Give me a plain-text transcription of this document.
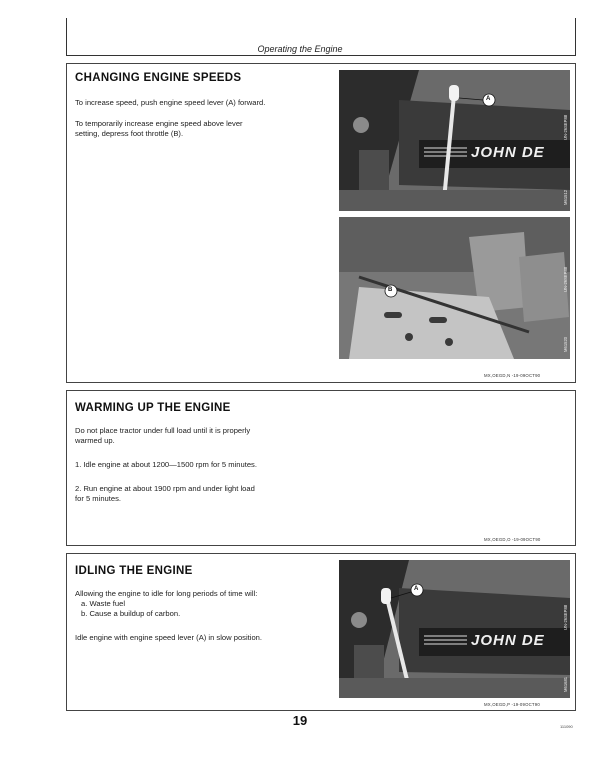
Operating the Engine
CHANGING ENGINE SPEEDS
To increase speed, push engine speed lever (A) forward.
To temporarily increase engine speed above lever
setting, depress foot throttle (B).
A
JOHN DE
UN-26SEP88
M61512
B	UN-26SEP88
M61520
MX,OEGD,N -19-09OCT90
WARMING UP THE ENGINE
Do not place tractor under full load until it is properly
warmed up.
1. Idle engine at about 1200—1500 rpm for 5 minutes.
2. Run engine at about 1900 rpm and under light load
for 5 minutes.
MX,OEGD,O -19-09OCT90
IDLING THE ENGINE
Allowing the engine to idle for long periods of time will:
a. Waste fuel
b. Cause a buildup of carbon.
Idle engine with engine speed lever (A) in slow position.
A
JOHN DE
UN-26SEP88
M61681
MX,OEGD,P -19-09OCT90
19	111090
